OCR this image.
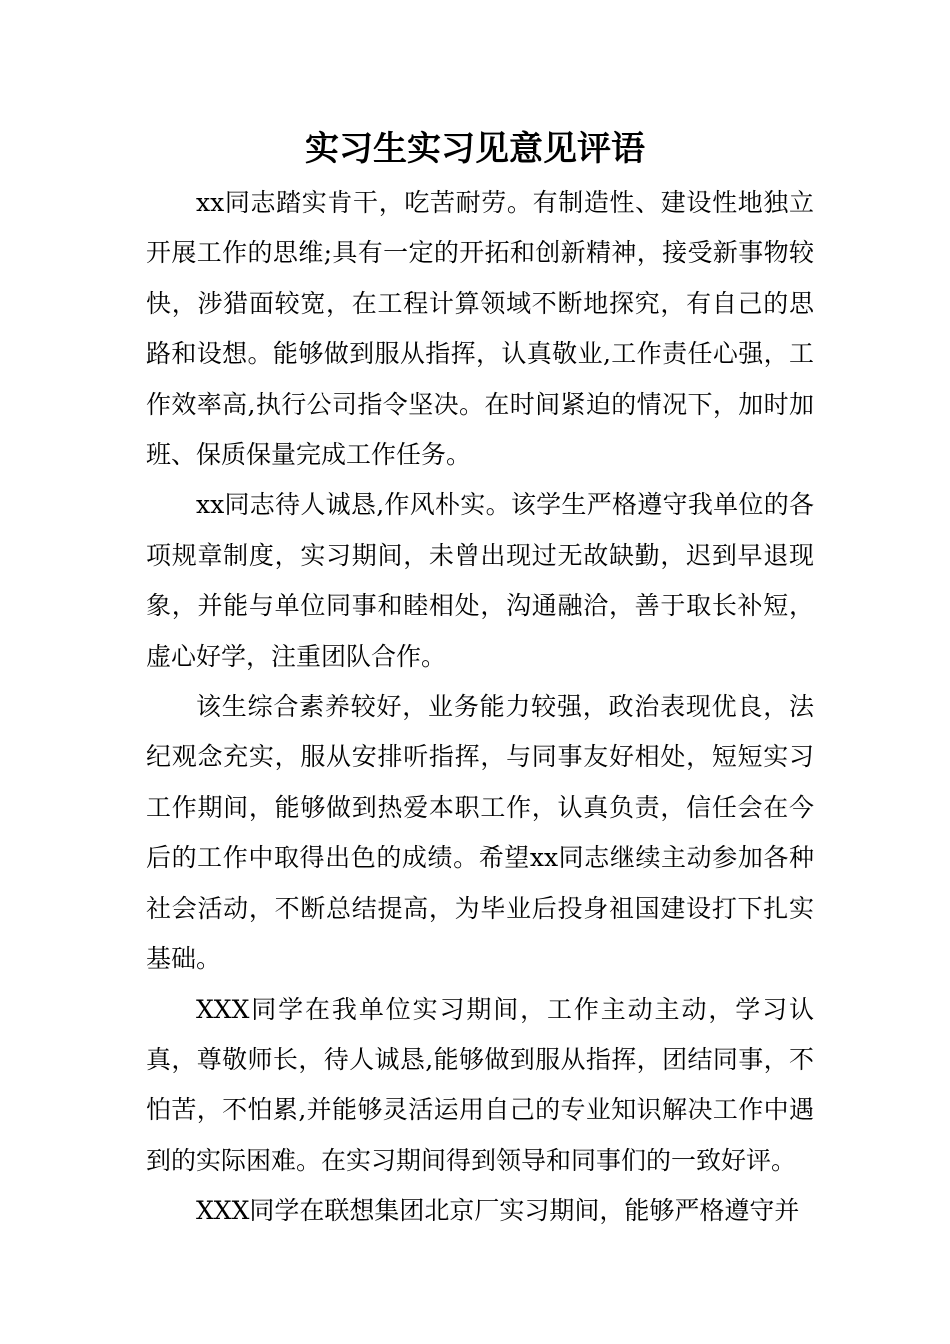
实习生实习见意见评语

xx同志踏实肯干，吃苦耐劳。有制造性、建设性地独立开展工作的思维;具有一定的开拓和创新精神，接受新事物较快，涉猎面较宽，在工程计算领域不断地探究，有自己的思路和设想。能够做到服从指挥，认真敬业,工作责任心强，工作效率高,执行公司指令坚决。在时间紧迫的情况下，加时加班、保质保量完成工作任务。

xx同志待人诚恳,作风朴实。该学生严格遵守我单位的各项规章制度，实习期间，未曾出现过无故缺勤，迟到早退现象，并能与单位同事和睦相处，沟通融洽，善于取长补短，虚心好学，注重团队合作。

该生综合素养较好，业务能力较强，政治表现优良，法纪观念充实，服从安排听指挥，与同事友好相处，短短实习工作期间，能够做到热爱本职工作，认真负责，信任会在今后的工作中取得出色的成绩。希望xx同志继续主动参加各种社会活动，不断总结提高，为毕业后投身祖国建设打下扎实基础。

XXX同学在我单位实习期间，工作主动主动，学习认真，尊敬师长，待人诚恳,能够做到服从指挥，团结同事，不怕苦，不怕累,并能够灵活运用自己的专业知识解决工作中遇到的实际困难。在实习期间得到领导和同事们的一致好评。

XXX同学在联想集团北京厂实习期间，能够严格遵守并
